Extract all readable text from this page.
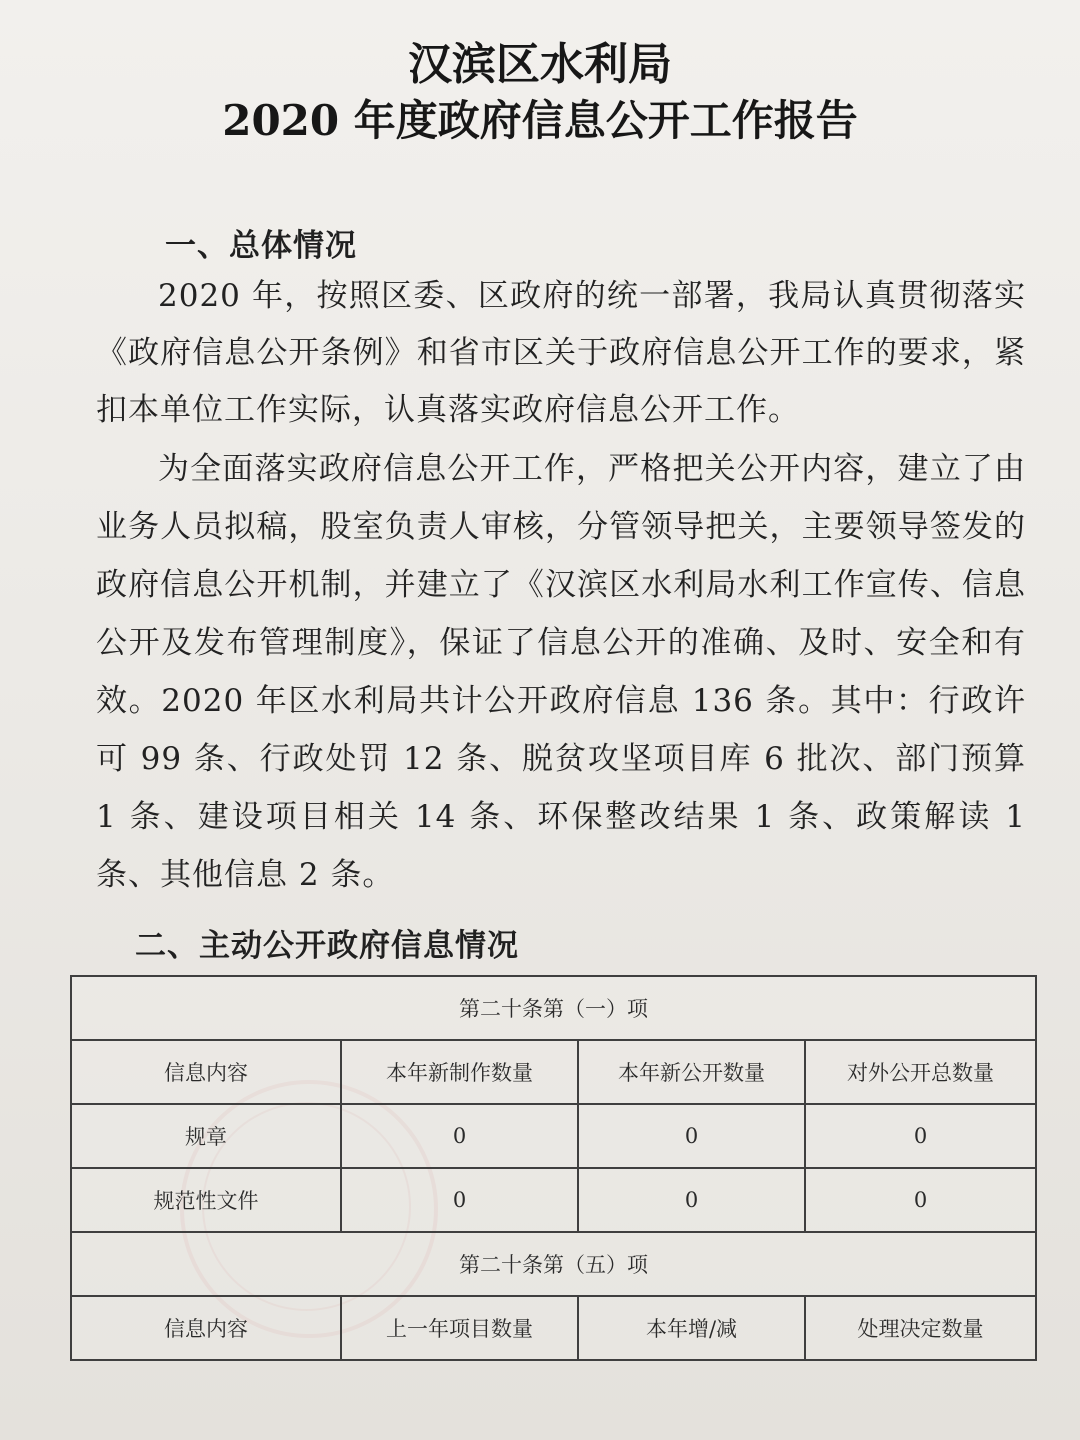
汉滨区水利局
2020 年度政府信息公开工作报告
一、总体情况
2020 年，按照区委、区政府的统一部署，我局认真贯彻落实《政府信息公开条例》和省市区关于政府信息公开工作的要求，紧扣本单位工作实际，认真落实政府信息公开工作。
为全面落实政府信息公开工作，严格把关公开内容，建立了由业务人员拟稿，股室负责人审核，分管领导把关，主要领导签发的政府信息公开机制，并建立了《汉滨区水利局水利工作宣传、信息公开及发布管理制度》，保证了信息公开的准确、及时、安全和有效。2020 年区水利局共计公开政府信息 136 条。其中：行政许可 99 条、行政处罚 12 条、脱贫攻坚项目库 6 批次、部门预算 1 条、建设项目相关 14 条、环保整改结果 1 条、政策解读 1 条、其他信息 2 条。
二、主动公开政府信息情况
第二十条第（一）项			
信息内容	本年新制作数量	本年新公开数量	对外公开总数量
规章	0	0	0
规范性文件	0	0	0
第二十条第（五）项			
信息内容	上一年项目数量	本年增/减	处理决定数量
